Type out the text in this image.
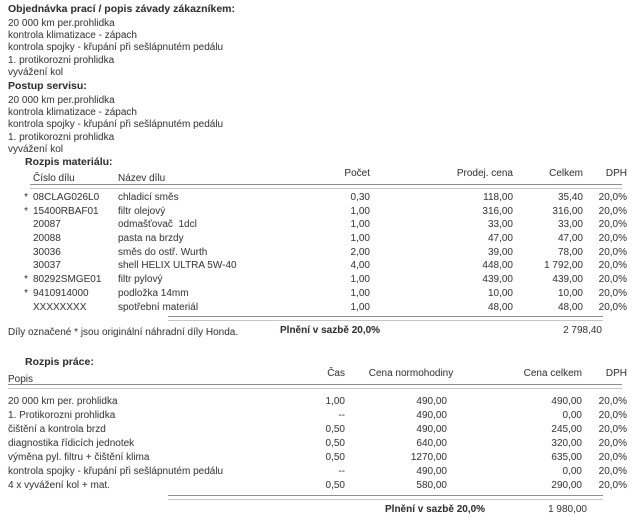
Objednávka prací / popis závady zákazníkem:
20 000 km per.prohlidka
kontrola klimatizace - zápach
kontrola spojky - křupání při sešlápnutém pedálu
1. protikorozni prohlidka
vyvážení kol
Postup servisu:
20 000 km per.prohlidka
kontrola klimatizace - zápach
kontrola spojky - křupání při sešlápnutém pedálu
1. protikorozni prohlidka
vyvážení kol
Rozpis materiálu:
Číslo dílu	Název dílu	Počet	Prodej. cena	Celkem	DPH
* 08CLAG026L0	chladicí směs	0,30	118,00	35,40	20,0%
* 15400RBAF01	filtr olejový	1,00	316,00	316,00	20,0%
20087	odmašťovač  1dcl	1,00	33,00	33,00	20,0%
20088	pasta na brzdy	1,00	47,00	47,00	20,0%
30036	směs do ostř. Wurth	2,00	39,00	78,00	20,0%
30037	shell HELIX ULTRA 5W-40	4,00	448,00	1 792,00	20,0%
* 80292SMGE01	filtr pylový	1,00	439,00	439,00	20,0%
* 9410914000	podložka 14mm	1,00	10,00	10,00	20,0%
XXXXXXXX	spotřební materiál	1,00	48,00	48,00	20,0%
Díly označené * jsou originální náhradní díly Honda.	Plnění v sazbě 20,0%	2 798,40
Rozpis práce:
Popis
Čas	Cena normohodiny	Cena celkem	DPH
20 000 km per. prohlidka	1,00	490,00	490,00	20,0%
1. Protikorozni prohlidka	--	490,00	0,00	20,0%
čištění a kontrola brzd	0,50	490,00	245,00	20,0%
diagnostika řídicích jednotek	0,50	640,00	320,00	20,0%
výměna pyl. filtru + čištění klima	0,50	1270,00	635,00	20,0%
kontrola spojky - křupání při sešlápnutém pedálu	--	490,00	0,00	20,0%
4 x vyvážení kol + mat.	0,50	580,00	290,00	20,0%
Plnění v sazbě 20,0%	1 980,00
